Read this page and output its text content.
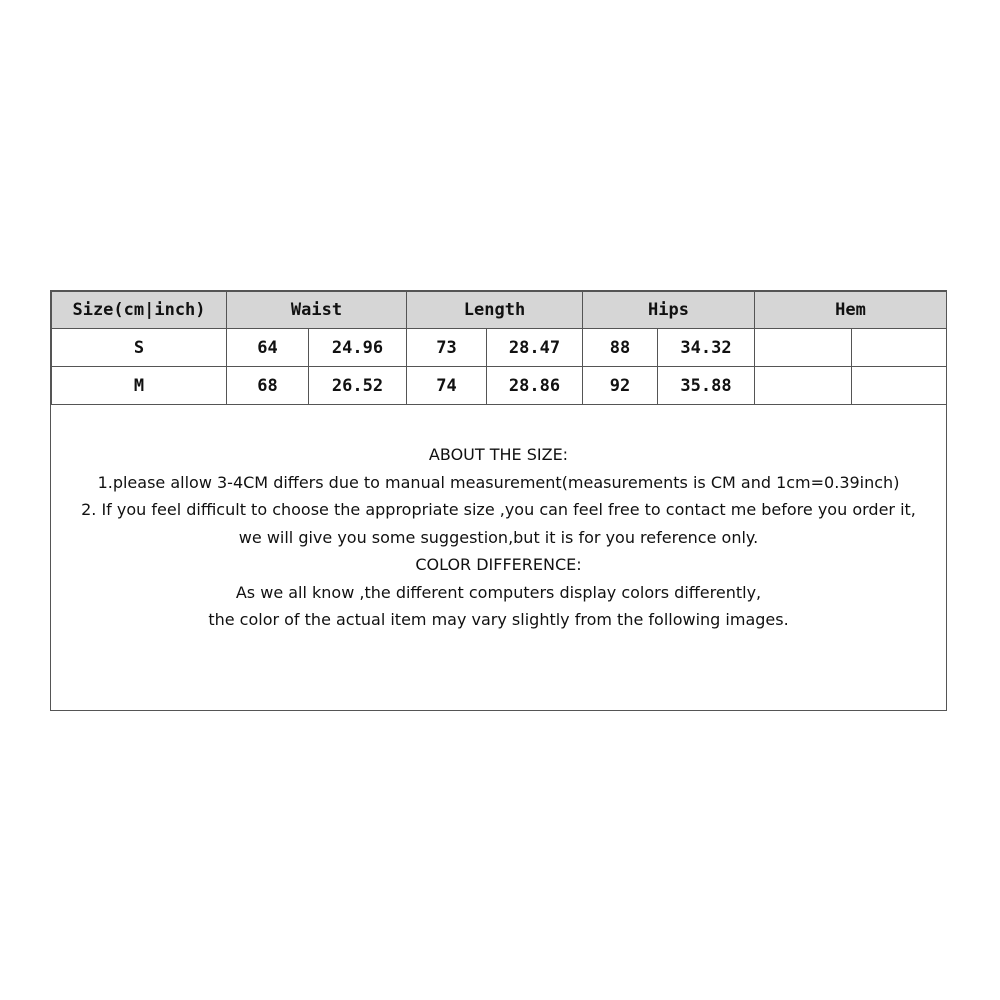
Size(cm|inch)	Waist		Length		Hips		Hem	
S	64	24.96	73	28.47	88	34.32		
M	68	26.52	74	28.86	92	35.88		
ABOUT THE SIZE:
1.please allow 3-4CM differs due to manual measurement(measurements is CM and 1cm=0.39inch)
2. If you feel difficult to choose the appropriate size ,you can feel free to contact me before you order it,
we will give you some suggestion,but it is for you reference only.
COLOR DIFFERENCE:
As we all know ,the different computers display colors differently,
the color of the actual item may vary slightly from the following images.
